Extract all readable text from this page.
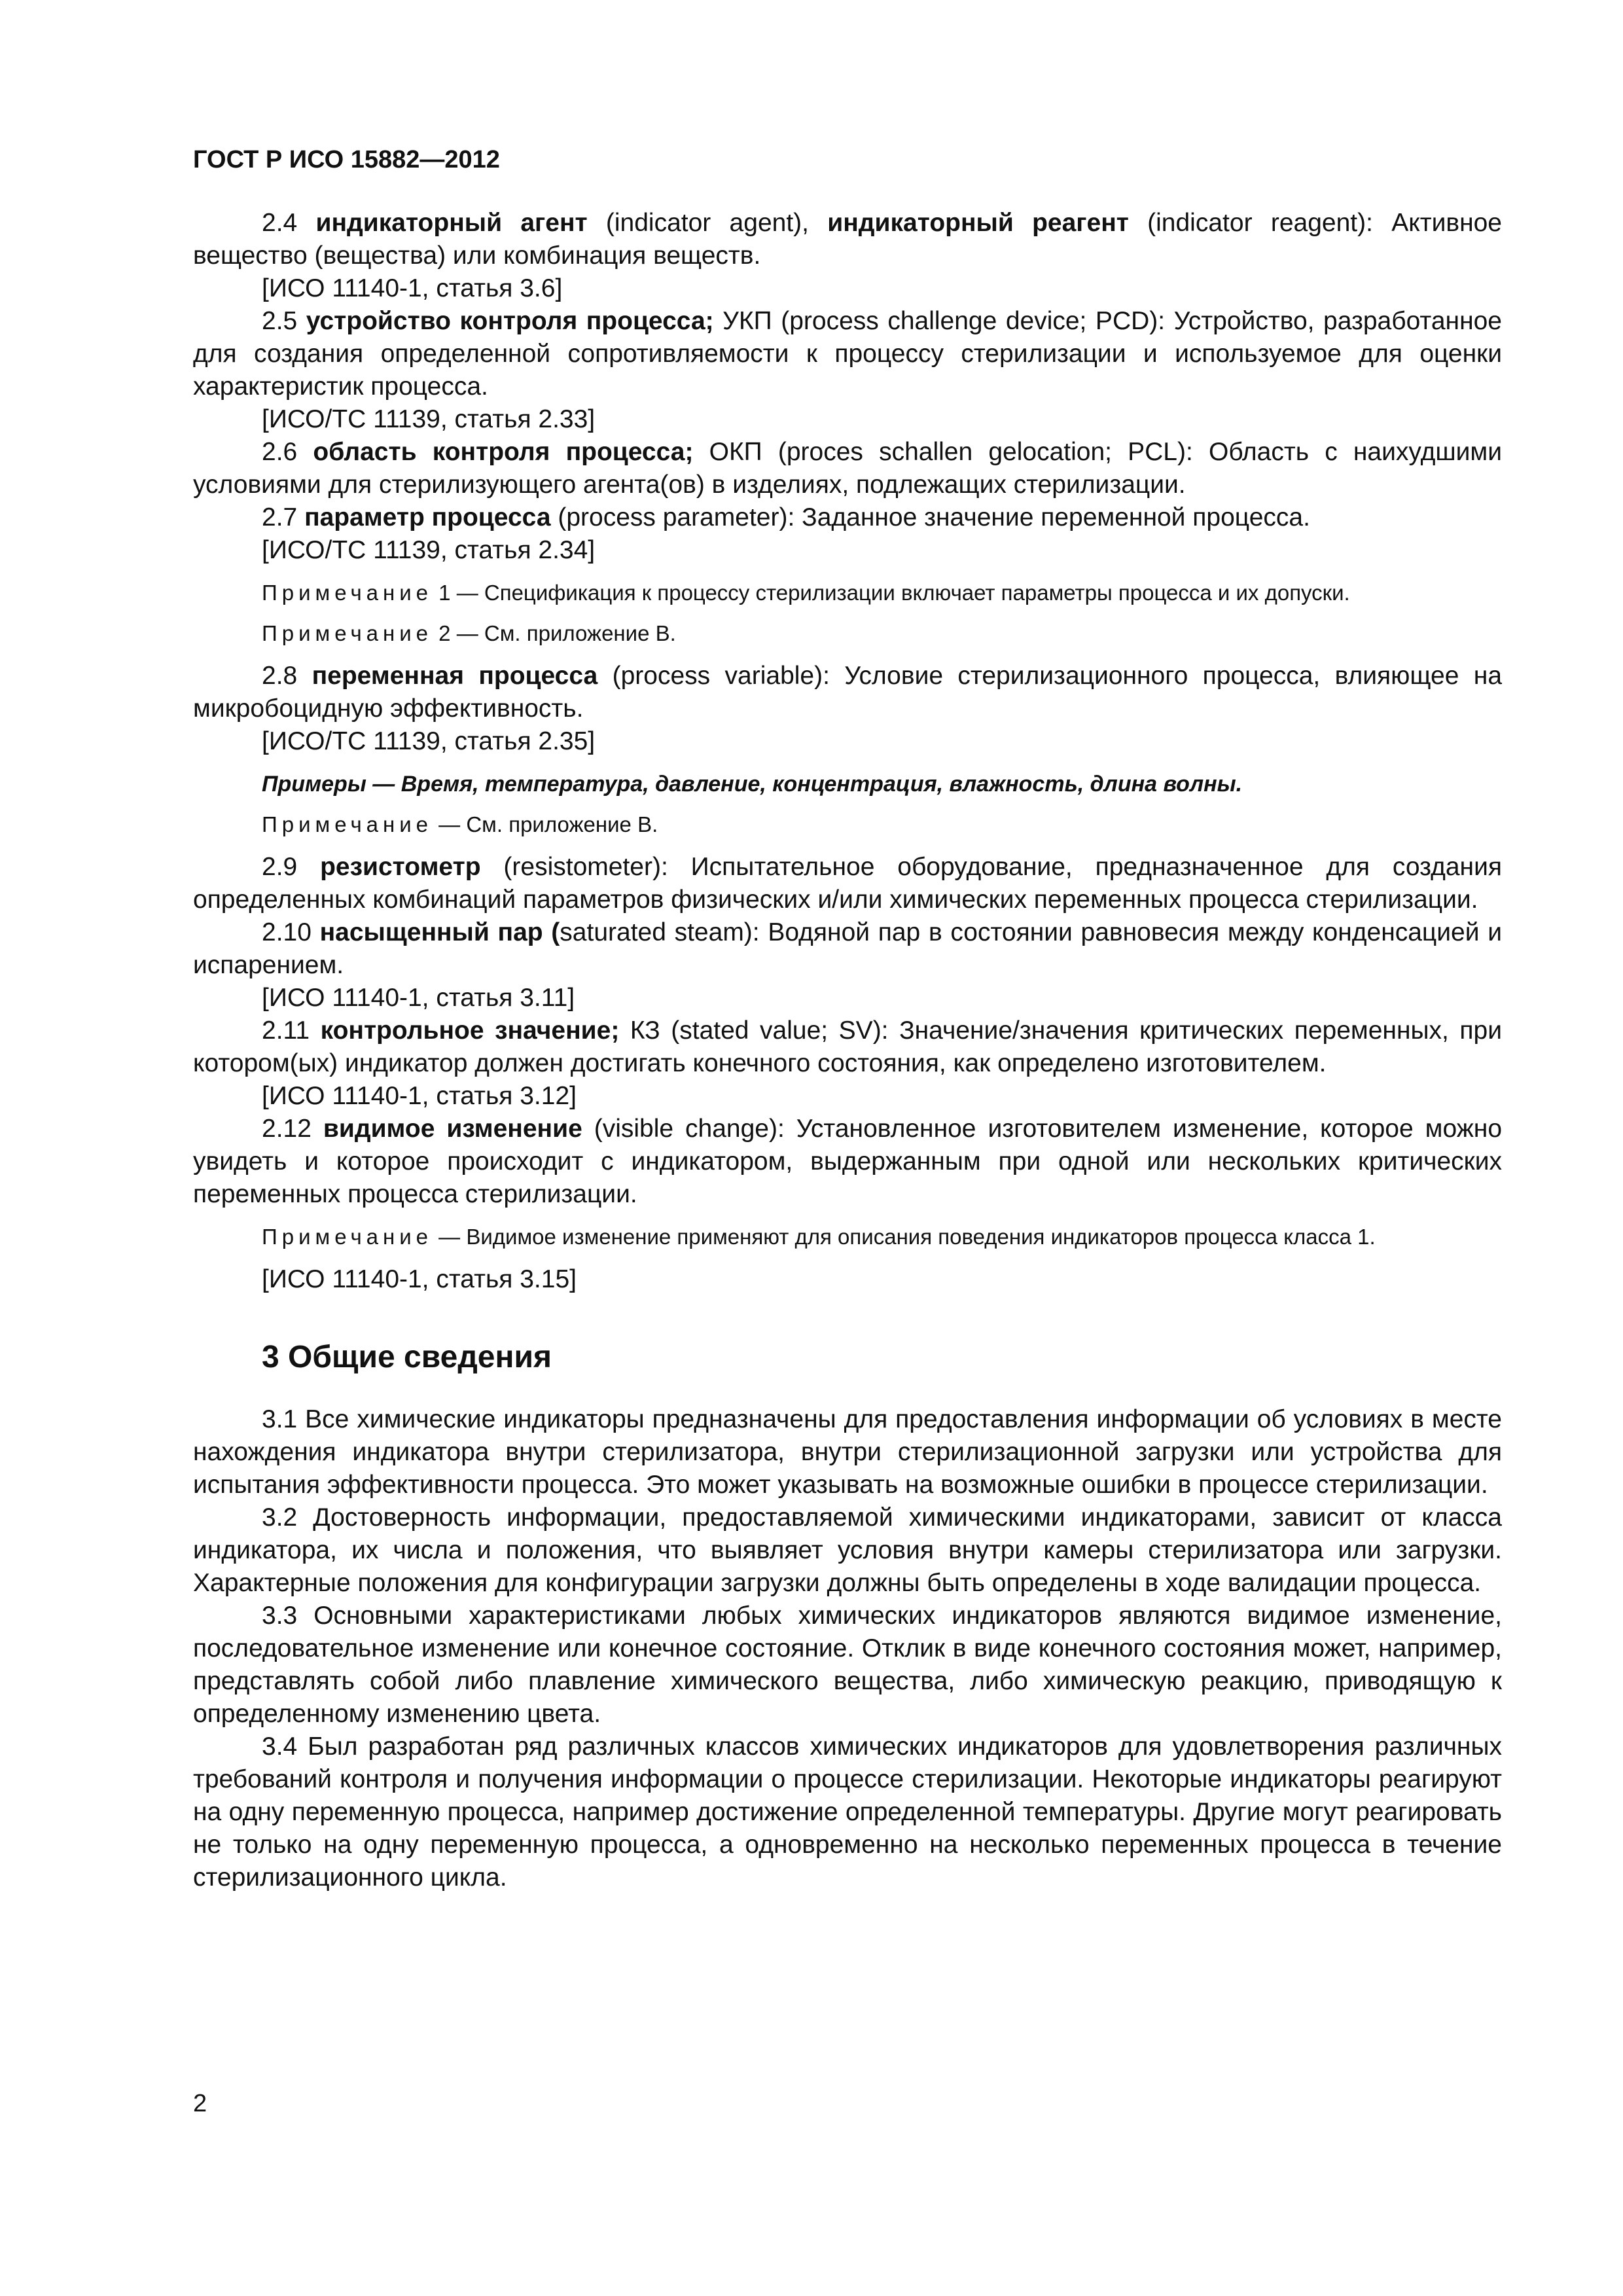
ГОСТ Р ИСО 15882—2012

2.4 индикаторный агент (indicator agent), индикаторный реагент (indicator reagent): Активное вещество (вещества) или комбинация веществ.

[ИСО 11140-1, статья 3.6]

2.5 устройство контроля процесса; УКП (process challenge device; PCD): Устройство, разработанное для создания определенной сопротивляемости к процессу стерилизации и используемое для оценки характеристик процесса.

[ИСО/ТС 11139, статья 2.33]

2.6 область контроля процесса; ОКП (proces schallen gelocation; PCL): Область с наихудшими условиями для стерилизующего агента(ов) в изделиях, подлежащих стерилизации.

2.7 параметр процесса (process parameter): Заданное значение переменной процесса.

[ИСО/ТС 11139, статья 2.34]

Примечание 1 — Спецификация к процессу стерилизации включает параметры процесса и их допуски.

Примечание 2 — См. приложение В.

2.8 переменная процесса (process variable): Условие стерилизационного процесса, влияющее на микробоцидную эффективность.

[ИСО/ТС 11139, статья 2.35]

Примеры — Время, температура, давление, концентрация, влажность, длина волны.

Примечание — См. приложение В.

2.9 резистометр (resistometer): Испытательное оборудование, предназначенное для создания определенных комбинаций параметров физических и/или химических переменных процесса стерилизации.

2.10 насыщенный пар (saturated steam): Водяной пар в состоянии равновесия между конденсацией и испарением.

[ИСО 11140-1, статья 3.11]

2.11 контрольное значение; КЗ (stated value; SV): Значение/значения критических переменных, при котором(ых) индикатор должен достигать конечного состояния, как определено изготовителем.

[ИСО 11140-1, статья 3.12]

2.12 видимое изменение (visible change): Установленное изготовителем изменение, которое можно увидеть и которое происходит с индикатором, выдержанным при одной или нескольких критических переменных процесса стерилизации.

Примечание — Видимое изменение применяют для описания поведения индикаторов процесса класса 1.

[ИСО 11140-1, статья 3.15]

3 Общие сведения

3.1 Все химические индикаторы предназначены для предоставления информации об условиях в месте нахождения индикатора внутри стерилизатора, внутри стерилизационной загрузки или устройства для испытания эффективности процесса. Это может указывать на возможные ошибки в процессе стерилизации.

3.2 Достоверность информации, предоставляемой химическими индикаторами, зависит от класса индикатора, их числа и положения, что выявляет условия внутри камеры стерилизатора или загрузки. Характерные положения для конфигурации загрузки должны быть определены в ходе валидации процесса.

3.3 Основными характеристиками любых химических индикаторов являются видимое изменение, последовательное изменение или конечное состояние. Отклик в виде конечного состояния может, например, представлять собой либо плавление химического вещества, либо химическую реакцию, приводящую к определенному изменению цвета.

3.4 Был разработан ряд различных классов химических индикаторов для удовлетворения различных требований контроля и получения информации о процессе стерилизации. Некоторые индикаторы реагируют на одну переменную процесса, например достижение определенной температуры. Другие могут реагировать не только на одну переменную процесса, а одновременно на несколько переменных процесса в течение стерилизационного цикла.

2
